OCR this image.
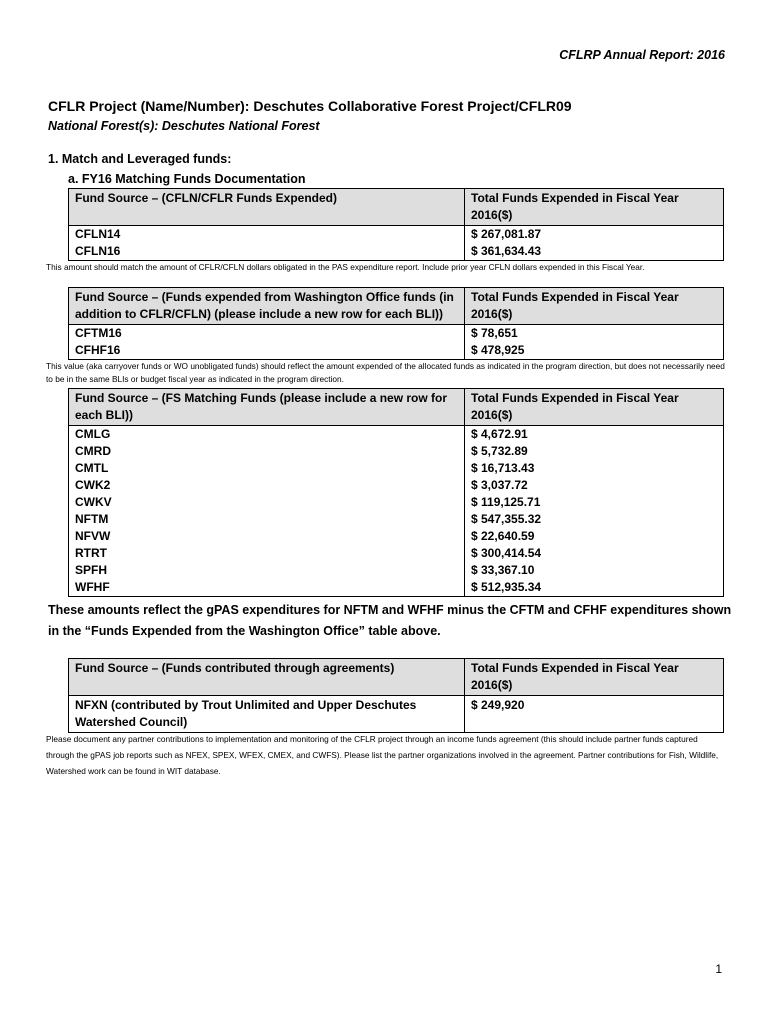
CFLRP Annual Report: 2016
CFLR Project (Name/Number): Deschutes Collaborative Forest Project/CFLR09
National Forest(s): Deschutes National Forest
1. Match and Leveraged funds:
a. FY16 Matching Funds Documentation
Fund Source – (CFLN/CFLR Funds Expended)	Total Funds Expended in Fiscal Year 2016($)
CFLN14	$ 267,081.87
CFLN16	$ 361,634.43
This amount should match the amount of CFLR/CFLN dollars obligated in the PAS expenditure report. Include prior year CFLN dollars expended in this Fiscal Year.
Fund Source – (Funds expended from Washington Office funds (in addition to CFLR/CFLN) (please include a new row for each BLI))	Total Funds Expended in Fiscal Year 2016($)
CFTM16	$ 78,651
CFHF16	$ 478,925
This value (aka carryover funds or WO unobligated funds) should reflect the amount expended of the allocated funds as indicated in the program direction, but does not necessarily need to be in the same BLIs or budget fiscal year as indicated in the program direction.
Fund Source – (FS Matching Funds (please include a new row for each BLI))	Total Funds Expended in Fiscal Year 2016($)
CMLG	$ 4,672.91
CMRD	$ 5,732.89
CMTL	$ 16,713.43
CWK2	$ 3,037.72
CWKV	$ 119,125.71
NFTM	$ 547,355.32
NFVW	$ 22,640.59
RTRT	$ 300,414.54
SPFH	$ 33,367.10
WFHF	$ 512,935.34
These amounts reflect the gPAS expenditures for NFTM and WFHF minus the CFTM and CFHF expenditures shown in the “Funds Expended from the Washington Office” table above.
Fund Source – (Funds contributed through agreements)	Total Funds Expended in Fiscal Year 2016($)
NFXN (contributed by Trout Unlimited and Upper Deschutes Watershed Council)	$ 249,920
Please document any partner contributions to implementation and monitoring of the CFLR project through an income funds agreement (this should include partner funds captured through the gPAS job reports such as NFEX, SPEX, WFEX, CMEX, and CWFS). Please list the partner organizations involved in the agreement. Partner contributions for Fish, Wildlife, Watershed work can be found in WIT database.
1
